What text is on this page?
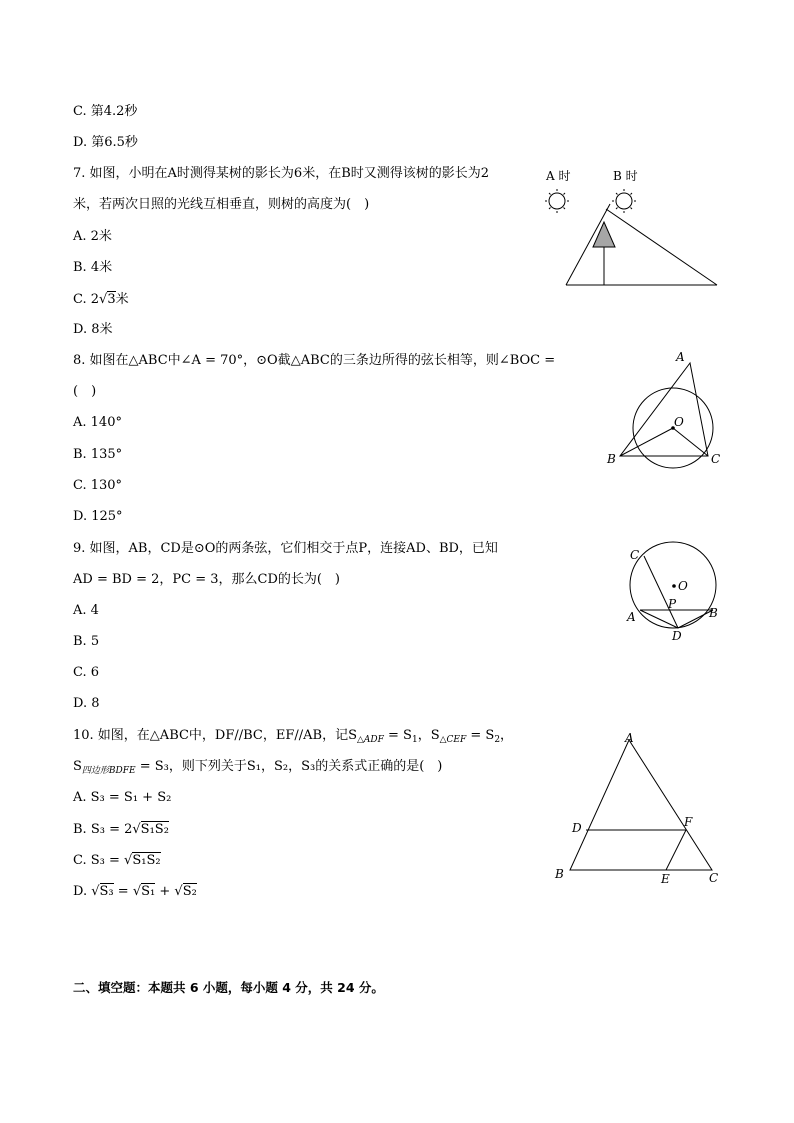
C. 第4.2秒
D. 第6.5秒
7. 如图，小明在A时测得某树的影长为6米，在B时又测得该树的影长为2
米，若两次日照的光线互相垂直，则树的高度为(　)
A. 2米
B. 4米
C. 2√3米
D. 8米
A 时	B 时
8. 如图在△ABC中∠A = 70°，⊙O截△ABC的三条边所得的弦长相等，则∠BOC =
(　)
A. 140°
B. 135°
C. 130°
D. 125°
A
B	C
O
9. 如图，AB，CD是⊙O的两条弦，它们相交于点P，连接AD、BD，已知
AD = BD = 2，PC = 3，那么CD的长为(　)
A. 4
B. 5
C. 6
D. 8
C
O
P
A	B
D
10. 如图，在△ABC中，DF//BC，EF//AB，记$S_{\triangle ADF} = S_1$，$S_{\triangle CEF} = S_2$，
$S_{四边形BDFE} = S_3$，则下列关于S₁，S₂，S₃的关系式正确的是(　)
A. S₃ = S₁ + S₂
B. S₃ = 2√S₁S₂
C. S₃ = √S₁S₂
D. √S₃ = √S₁ + √S₂
A
D	F
B	E	C
二、填空题：本题共 6 小题，每小题 4 分，共 24 分。
